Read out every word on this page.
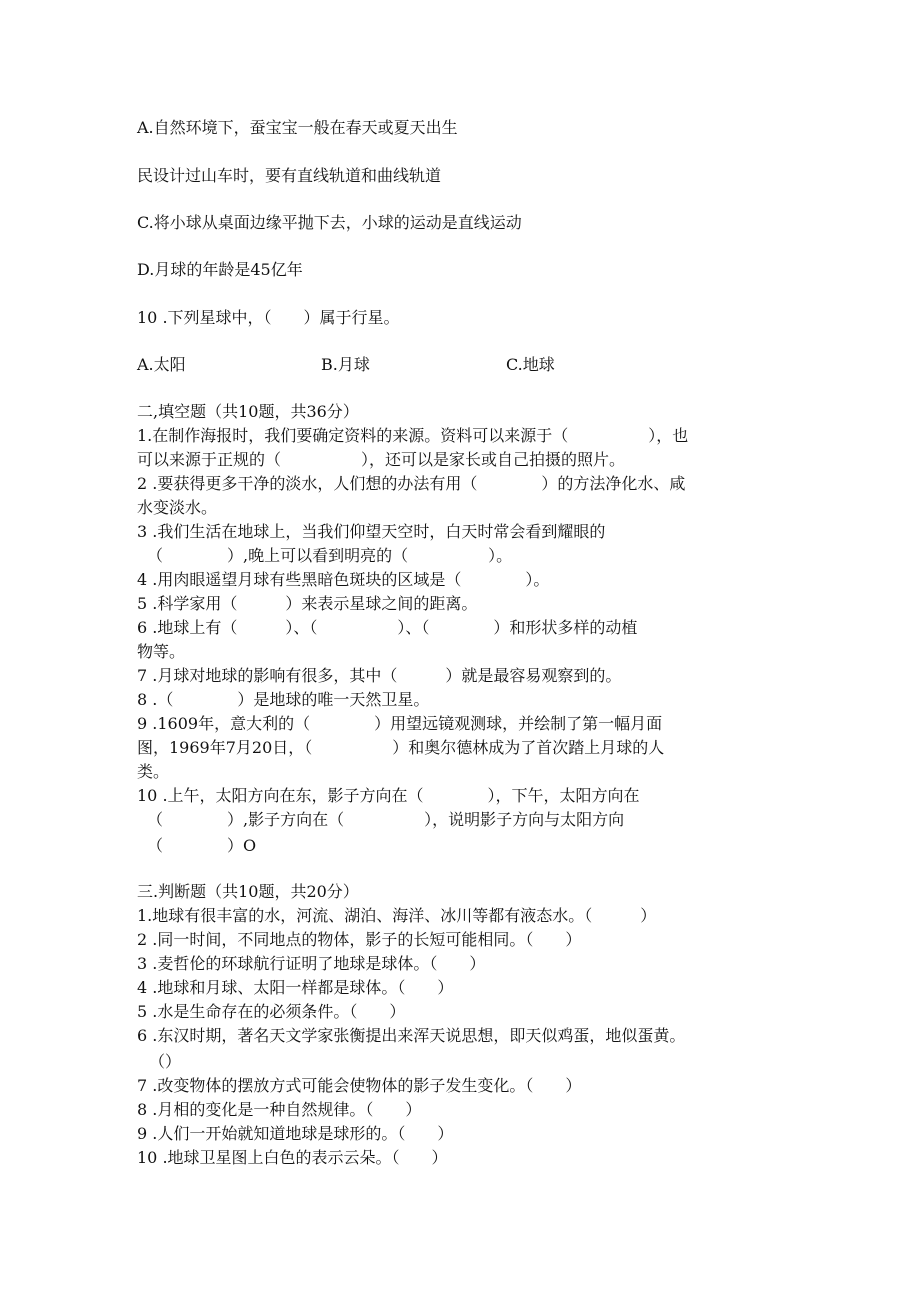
A.自然环境下，蚕宝宝一般在春天或夏天出生
民设计过山车时，要有直线轨道和曲线轨道
C.将小球从桌面边缘平抛下去，小球的运动是直线运动
D.月球的年龄是45亿年
10 .下列星球中，（　　）属于行星。
A.太阳	B.月球	C.地球
二,填空题（共10题，共36分）
1.在制作海报时，我们要确定资料的来源。资料可以来源于（　　　　　），也
可以来源于正规的（　　　　　），还可以是家长或自己拍摄的照片。
2 .要获得更多干净的淡水，人们想的办法有用（　　　　）的方法净化水、咸
水变淡水。
3 .我们生活在地球上，当我们仰望天空时，白天时常会看到耀眼的
（　　　　）,晚上可以看到明亮的（　　　　　）。
4 .用肉眼遥望月球有些黑暗色斑块的区域是（　　　　）。
5 .科学家用（　　　）来表示星球之间的距离。
6 .地球上有（　　　）、（　　　　　）、（　　　　）和形状多样的动植
物等。
7 .月球对地球的影响有很多，其中（　　　）就是最容易观察到的。
8 .（　　　　）是地球的唯一天然卫星。
9 .1609年，意大利的（　　　　）用望远镜观测球，并绘制了第一幅月面
图，1969年7月20日，（　　　　　）和奥尔德林成为了首次踏上月球的人
类。
10 .上午，太阳方向在东，影子方向在（　　　　），下午，太阳方向在
（　　　　）,影子方向在（　　　　　），说明影子方向与太阳方向
（　　　　）O
三.判断题（共10题，共20分）
1.地球有很丰富的水，河流、湖泊、海洋、冰川等都有液态水。（　　　）
2 .同一时间，不同地点的物体，影子的长短可能相同。（　　）
3 .麦哲伦的环球航行证明了地球是球体。（　　）
4 .地球和月球、太阳一样都是球体。（　　）
5 .水是生命存在的必须条件。（　　）
6 .东汉时期，著名天文学家张衡提出来浑天说思想，即天似鸡蛋，地似蛋黄。
（）
7 .改变物体的摆放方式可能会使物体的影子发生变化。（　　）
8 .月相的变化是一种自然规律。（　　）
9 .人们一开始就知道地球是球形的。（　　）
10 .地球卫星图上白色的表示云朵。（　　）
